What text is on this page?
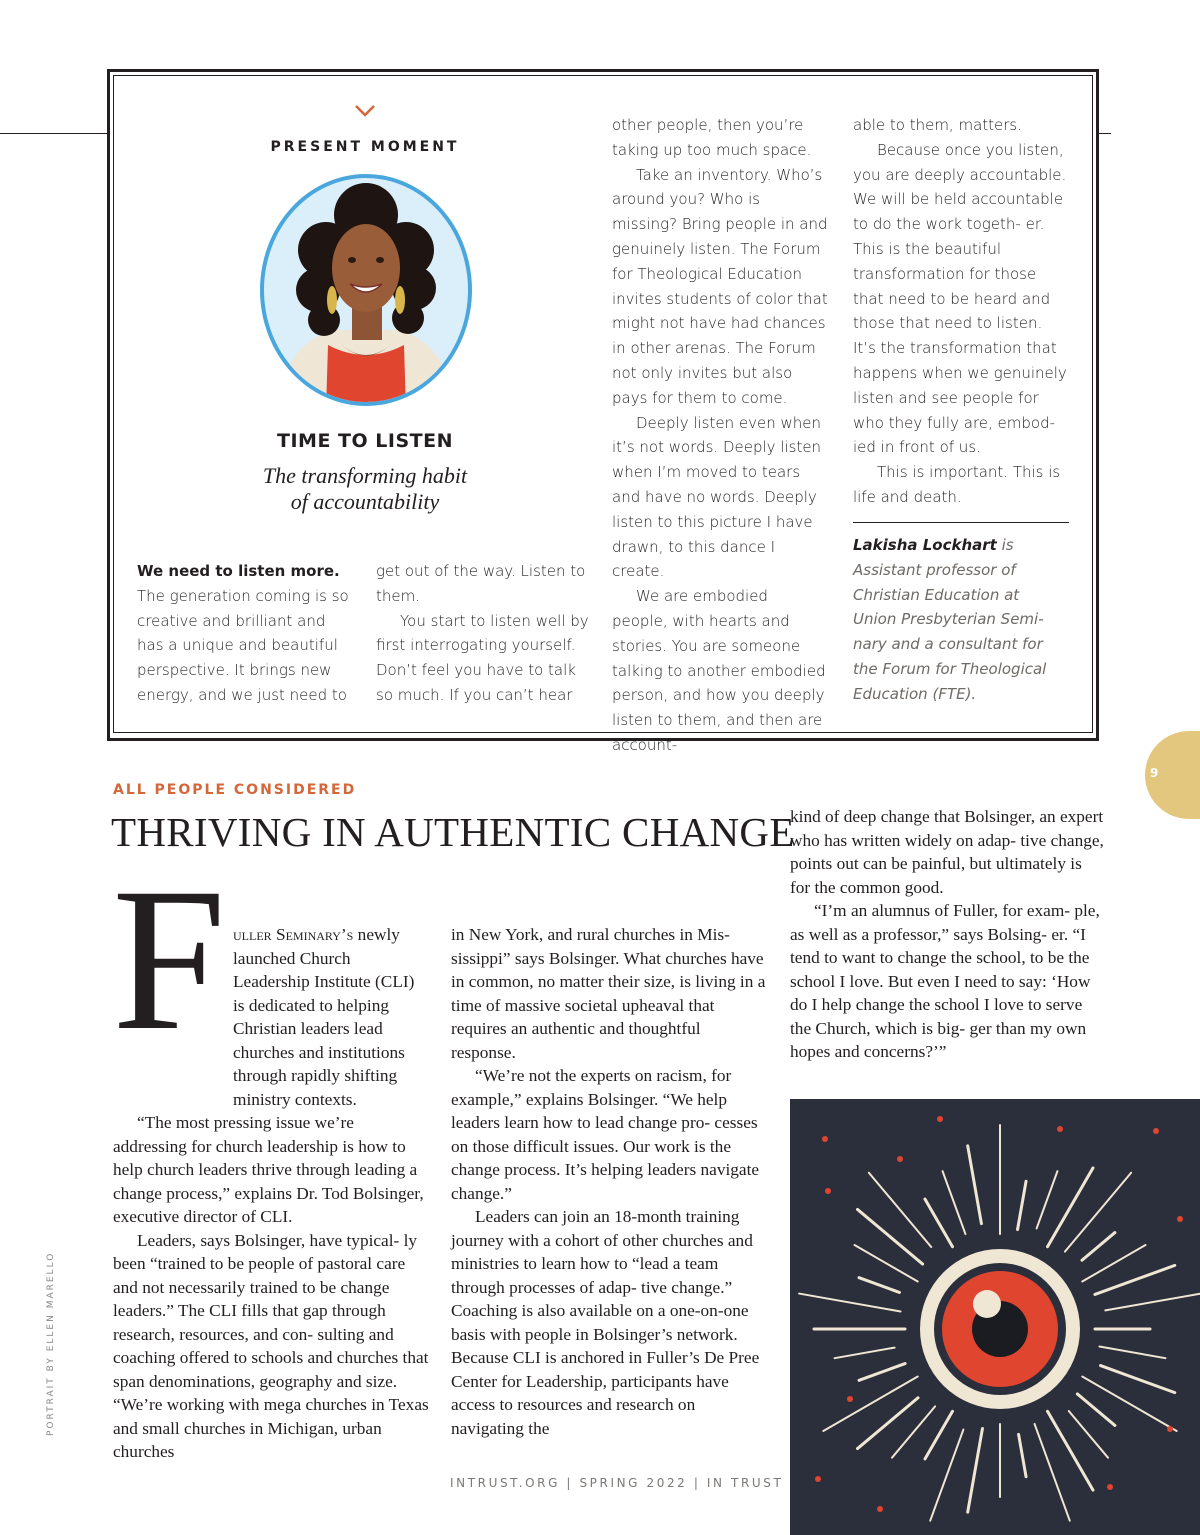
PRESENT MOMENT
TIME TO LISTEN
The transforming habit
of accountability

We need to listen more. The generation coming is so creative and brilliant and has a unique and beautiful perspective. It brings new energy, and we just need to

get out of the way. Listen to them.

You start to listen well by first interrogating yourself. Don’t feel you have to talk so much. If you can’t hear

other people, then you’re taking up too much space.

Take an inventory. Who’s around you? Who is missing? Bring people in and genuinely listen. The Forum for Theological Education invites students of color that might not have had chances in other arenas. The Forum not only invites but also pays for them to come.

Deeply listen even when it’s not words. Deeply listen when I’m moved to tears and have no words. Deeply listen to this picture I have drawn, to this dance I create.

We are embodied people, with hearts and stories. You are someone talking to another embodied person, and how you deeply listen to them, and then are account-

able to them, matters.

Because once you listen, you are deeply accountable. We will be held accountable to do the work togeth- er. This is the beautiful transformation for those that need to be heard and those that need to listen. It’s the transformation that happens when we genuinely listen and see people for who they fully are, embod- ied in front of us.

This is important. This is life and death.

Lakisha Lockhart is Assistant professor of Christian Education at Union Presbyterian Semi- nary and a consultant for the Forum for Theological Education (FTE).
9
ALL PEOPLE CONSIDERED
THRIVING IN AUTHENTIC CHANGE
F uller Seminary’s newly launched Church Leadership Institute (CLI) is dedicated to helping Christian leaders lead churches and institutions through rapidly shifting ministry contexts.

“The most pressing issue we’re addressing for church leadership is how to help church leaders thrive through leading a change process,” explains Dr. Tod Bolsinger, executive director of CLI.

Leaders, says Bolsinger, have typical- ly been “trained to be people of pastoral care and not necessarily trained to be change leaders.” The CLI fills that gap through research, resources, and con- sulting and coaching offered to schools and churches that span denominations, geography and size. “We’re working with mega churches in Texas and small churches in Michigan, urban churches

in New York, and rural churches in Mis- sissippi” says Bolsinger. What churches have in common, no matter their size, is living in a time of massive societal upheaval that requires an authentic and thoughtful response.

“We’re not the experts on racism, for example,” explains Bolsinger. “We help leaders learn how to lead change pro- cesses on those difficult issues. Our work is the change process. It’s helping leaders navigate change.”

Leaders can join an 18-month training journey with a cohort of other churches and ministries to learn how to “lead a team through processes of adap- tive change.” Coaching is also available on a one-on-one basis with people in Bolsinger’s network. Because CLI is anchored in Fuller’s De Pree Center for Leadership, participants have access to resources and research on navigating the

kind of deep change that Bolsinger, an expert who has written widely on adap- tive change, points out can be painful, but ultimately is for the common good.

“I’m an alumnus of Fuller, for exam- ple, as well as a professor,” says Bolsing- er. “I tend to want to change the school, to be the school I love. But even I need to say: ‘How do I help change the school I love to serve the Church, which is big- ger than my own hopes and concerns?’”

INTRUST.ORG | SPRING 2022 | IN TRUST
PORTRAIT BY ELLEN MARELLO
